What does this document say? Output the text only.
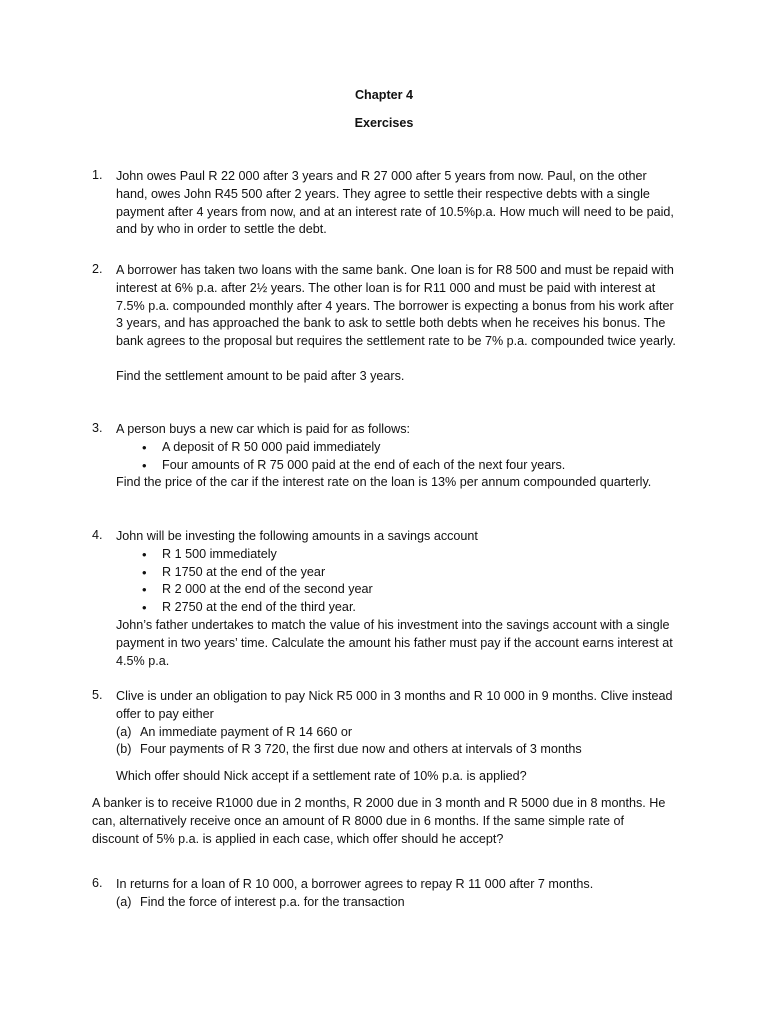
Chapter 4
Exercises
1. John owes Paul R 22 000 after 3 years and R 27 000 after 5 years from now. Paul, on the other hand, owes John R45 500 after 2 years. They agree to settle their respective debts with a single payment after 4 years from now, and at an interest rate of 10.5%p.a. How much will need to be paid, and by who in order to settle the debt.

2. A borrower has taken two loans with the same bank. One loan is for R8 500 and must be repaid with interest at 6% p.a. after 2½ years. The other loan is for R11 000 and must be paid with interest at 7.5% p.a. compounded monthly after 4 years. The borrower is expecting a bonus from his work after 3 years, and has approached the bank to ask to settle both debts when he receives his bonus. The bank agrees to the proposal but requires the settlement rate to be 7% p.a. compounded twice yearly.

Find the settlement amount to be paid after 3 years.

3. A person buys a new car which is paid for as follows:

• A deposit of R 50 000 paid immediately
• Four amounts of R 75 000 paid at the end of each of the next four years.

Find the price of the car if the interest rate on the loan is 13% per annum compounded quarterly.

4. John will be investing the following amounts in a savings account

• R 1 500 immediately
• R 1750 at the end of the year
• R 2 000 at the end of the second year
• R 2750 at the end of the third year.

John’s father undertakes to match the value of his investment into the savings account with a single payment in two years’ time. Calculate the amount his father must pay if the account earns interest at 4.5% p.a.

5. Clive is under an obligation to pay Nick R5 000 in 3 months and R 10 000 in 9 months. Clive instead offer to pay either

(a) An immediate payment of R 14 660 or
(b) Four payments of R 3 720, the first due now and others at intervals of 3 months

Which offer should Nick accept if a settlement rate of 10% p.a. is applied?

A banker is to receive R1000 due in 2 months, R 2000 due in 3 month and R 5000 due in 8 months. He can, alternatively receive once an amount of R 8000 due in 6 months. If the same simple rate of discount of 5% p.a. is applied in each case, which offer should he accept?

6. In returns for a loan of R 10 000, a borrower agrees to repay R 11 000 after 7 months.

(a) Find the force of interest p.a. for the transaction
